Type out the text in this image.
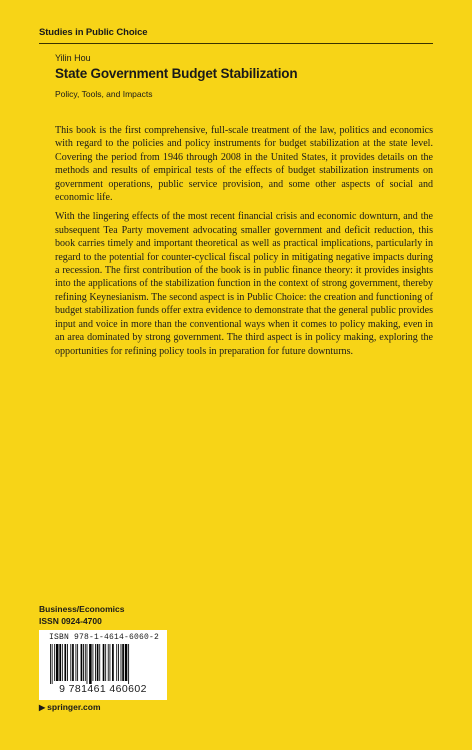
Studies in Public Choice

Yilin Hou

State Government Budget Stabilization

Policy, Tools, and Impacts

This book is the first comprehensive, full-scale treatment of the law, politics and economics with regard to the policies and policy instruments for budget stabilization at the state level. Covering the period from 1946 through 2008 in the United States, it provides details on the methods and results of empirical tests of the effects of budget stabilization instruments on government operations, public service provision, and some other aspects of social and economic life.

With the lingering effects of the most recent financial crisis and economic downturn, and the subsequent Tea Party movement advocating smaller government and deficit reduction, this book carries timely and important theoretical as well as practical implications, particularly in regard to the potential for counter-cyclical fiscal policy in mitigating negative impacts during a recession. The first contribution of the book is in public finance theory: it provides insights into the applications of the stabilization function in the context of strong government, thereby refining Keynesianism. The second aspect is in Public Choice: the creation and functioning of budget stabilization funds offer extra evidence to demonstrate that the general public provides input and voice in more than the conventional ways when it comes to policy making, even in an area dominated by strong government. The third aspect is in policy making, exploring the opportunities for refining policy tools in preparation for future downturns.

Business/Economics
ISSN 0924-4700
ISBN 978-1-4614-6060-2
9 781461 460602
▶ springer.com
